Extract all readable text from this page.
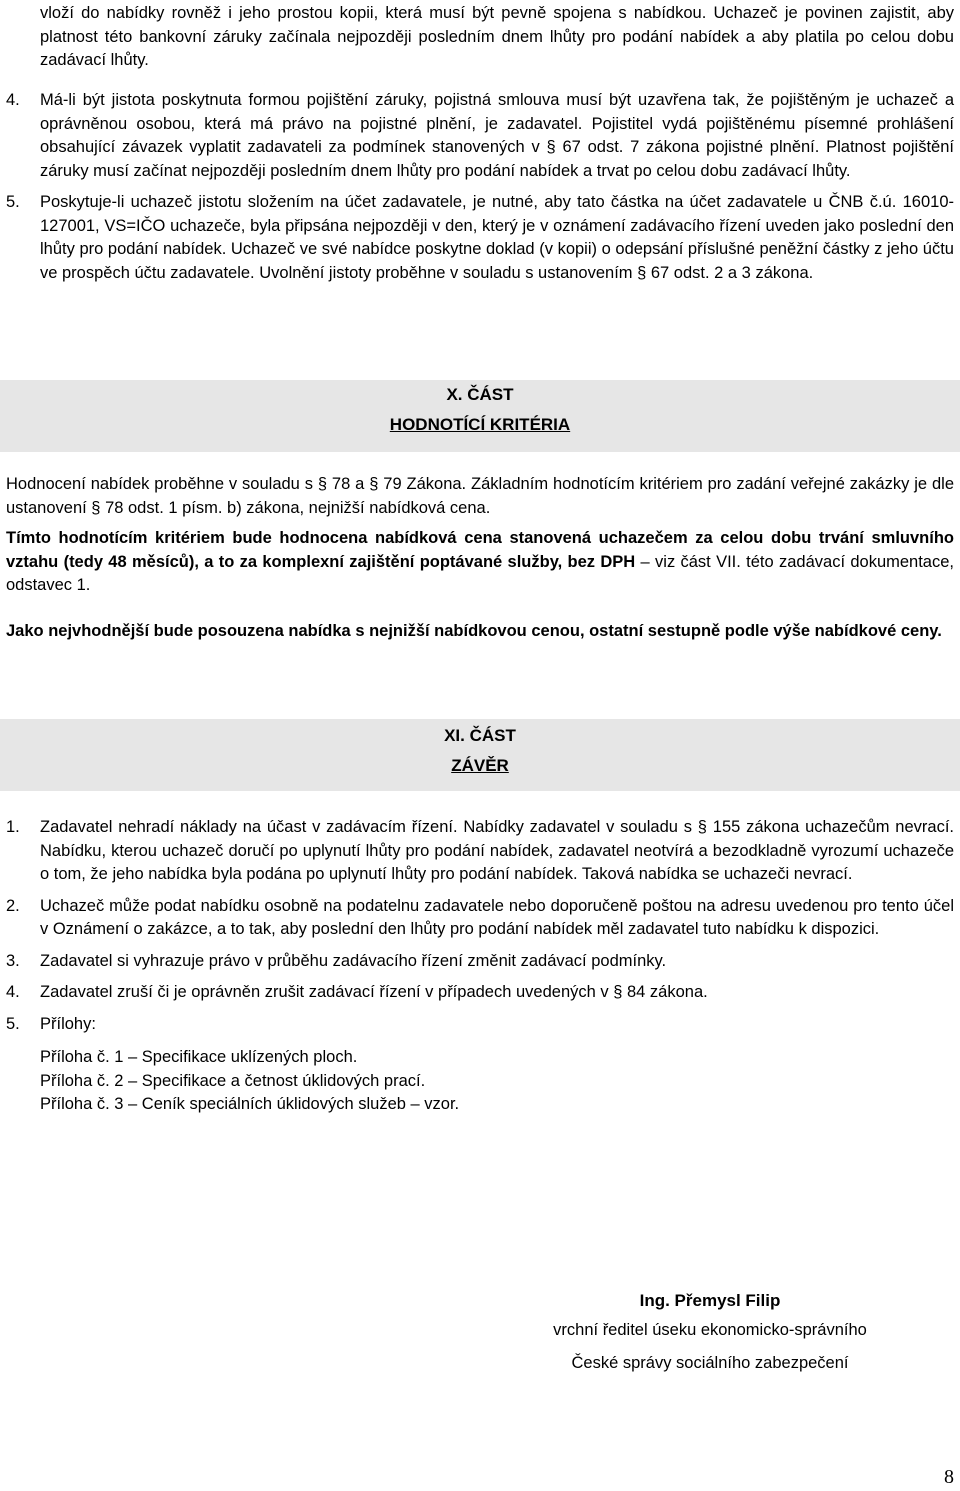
vloží do nabídky rovněž i jeho prostou kopii, která musí být pevně spojena s nabídkou. Uchazeč je povinen zajistit, aby platnost této bankovní záruky začínala nejpozději posledním dnem lhůty pro podání nabídek a aby platila po celou dobu zadávací lhůty.

4. Má-li být jistota poskytnuta formou pojištění záruky, pojistná smlouva musí být uzavřena tak, že pojištěným je uchazeč a oprávněnou osobou, která má právo na pojistné plnění, je zadavatel. Pojistitel vydá pojištěnému písemné prohlášení obsahující závazek vyplatit zadavateli za podmínek stanovených v § 67 odst. 7 zákona pojistné plnění. Platnost pojištění záruky musí začínat nejpozději posledním dnem lhůty pro podání nabídek a trvat po celou dobu zadávací lhůty.

5. Poskytuje-li uchazeč jistotu složením na účet zadavatele, je nutné, aby tato částka na účet zadavatele u ČNB č.ú. 16010-127001, VS=IČO uchazeče, byla připsána nejpozději v den, který je v oznámení zadávacího řízení uveden jako poslední den lhůty pro podání nabídek. Uchazeč ve své nabídce poskytne doklad (v kopii) o odepsání příslušné peněžní částky z jeho účtu ve prospěch účtu zadavatele. Uvolnění jistoty proběhne v souladu s ustanovením § 67 odst. 2 a 3 zákona.

X. ČÁST
HODNOTÍCÍ KRITÉRIA

Hodnocení nabídek proběhne v souladu s § 78 a § 79 Zákona. Základním hodnotícím kritériem pro zadání veřejné zakázky je dle ustanovení § 78 odst. 1 písm. b) zákona, nejnižší nabídková cena.

Tímto hodnotícím kritériem bude hodnocena nabídková cena stanovená uchazečem za celou dobu trvání smluvního vztahu (tedy 48 měsíců), a to za komplexní zajištění poptávané služby, bez DPH – viz část VII. této zadávací dokumentace, odstavec 1.

Jako nejvhodnější bude posouzena nabídka s nejnižší nabídkovou cenou, ostatní sestupně podle výše nabídkové ceny.

XI. ČÁST
ZÁVĚR
1. Zadavatel nehradí náklady na účast v zadávacím řízení. Nabídky zadavatel v souladu s § 155 zákona uchazečům nevrací. Nabídku, kterou uchazeč doručí po uplynutí lhůty pro podání nabídek, zadavatel neotvírá a bezodkladně vyrozumí uchazeče o tom, že jeho nabídka byla podána po uplynutí lhůty pro podání nabídek. Taková nabídka se uchazeči nevrací.

2. Uchazeč může podat nabídku osobně na podatelnu zadavatele nebo doporučeně poštou na adresu uvedenou pro tento účel v Oznámení o zakázce, a to tak, aby poslední den lhůty pro podání nabídek měl zadavatel tuto nabídku k dispozici.

3. Zadavatel si vyhrazuje právo v průběhu zadávacího řízení změnit zadávací podmínky.

4. Zadavatel zruší či je oprávněn zrušit zadávací řízení v případech uvedených v § 84 zákona.

5. Přílohy:

Příloha č. 1 – Specifikace uklízených ploch.
Příloha č. 2 – Specifikace a četnost úklidových prací.
Příloha č. 3 – Ceník speciálních úklidových služeb – vzor.
Ing. Přemysl Filip
vrchní ředitel úseku ekonomicko-správního
České správy sociálního zabezpečení
8
